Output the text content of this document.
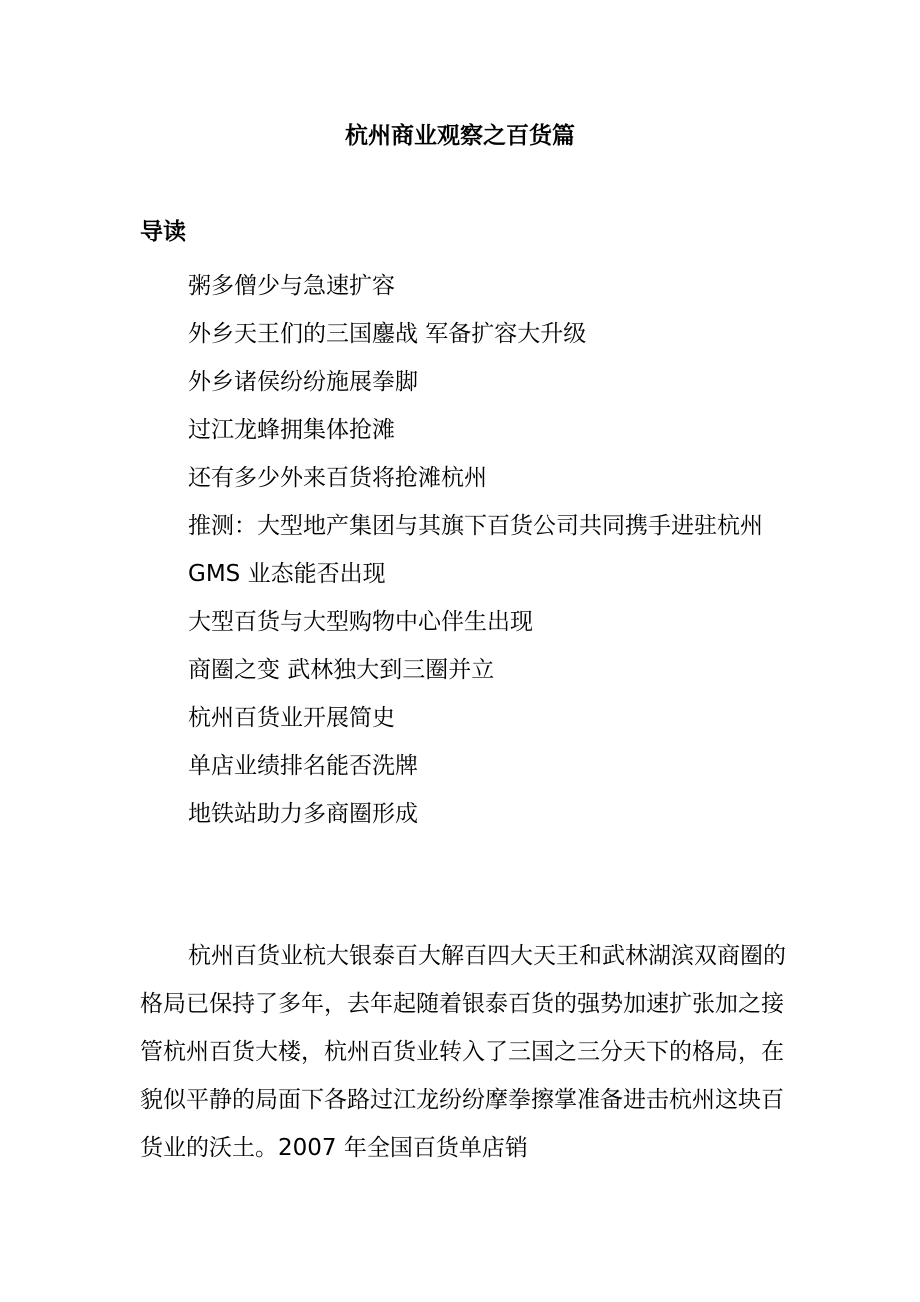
杭州商业观察之百货篇
导读
粥多僧少与急速扩容
外乡天王们的三国鏖战 军备扩容大升级
外乡诸侯纷纷施展拳脚
过江龙蜂拥集体抢滩
还有多少外来百货将抢滩杭州
推测：大型地产集团与其旗下百货公司共同携手进驻杭州
GMS 业态能否出现
大型百货与大型购物中心伴生出现
商圈之变 武林独大到三圈并立
杭州百货业开展简史
单店业绩排名能否洗牌
地铁站助力多商圈形成

杭州百货业杭大银泰百大解百四大天王和武林湖滨双商圈的格局已保持了多年，去年起随着银泰百货的强势加速扩张加之接管杭州百货大楼，杭州百货业转入了三国之三分天下的格局，在貌似平静的局面下各路过江龙纷纷摩拳擦掌准备进击杭州这块百货业的沃土。2007 年全国百货单店销
